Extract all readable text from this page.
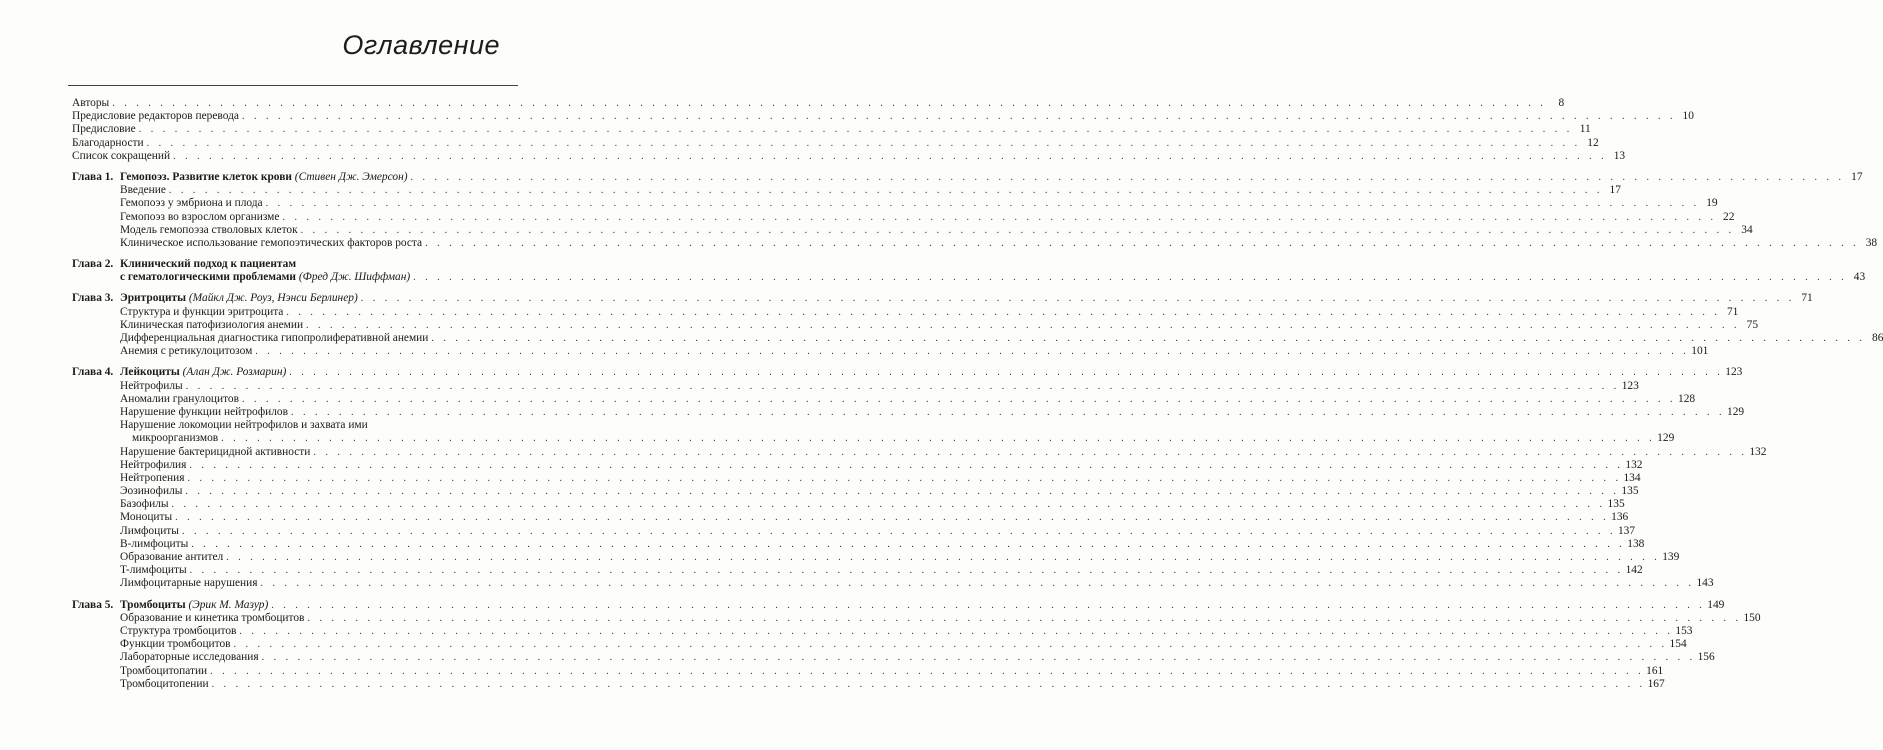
Оглавление
Авторы . . . . . . . . . . . . . . . . . . . . . . . . . . . . . . . . . . . . . . . . . . . . . . . . . . . . . . . . . . . . . . . . . . . . . . . . . . . . . . . . . . . . . . . . . . . . . . . . . . . . . . . . . . . . . . . . . . . . . . . .	8
Предисловие редакторов перевода . . . . . . . . . . . . . . . . . . . . . . . . . . . . . . . . . . . . . . . . . . . . . . . . . . . . . . . . . . . . . . . . . . . . . . . . . . . . . . . . . . . . . . . . . . . . . . . . . . . . . . . . . . . . . . . . . . . . . . . . 10
Предисловие . . . . . . . . . . . . . . . . . . . . . . . . . . . . . . . . . . . . . . . . . . . . . . . . . . . . . . . . . . . . . . . . . . . . . . . . . . . . . . . . . . . . . . . . . . . . . . . . . . . . . . . . . . . . . . . . . . . . . . . . 11
Благодарности . . . . . . . . . . . . . . . . . . . . . . . . . . . . . . . . . . . . . . . . . . . . . . . . . . . . . . . . . . . . . . . . . . . . . . . . . . . . . . . . . . . . . . . . . . . . . . . . . . . . . . . . . . . . . . . . . . . . . . . . 12
Список сокращений . . . . . . . . . . . . . . . . . . . . . . . . . . . . . . . . . . . . . . . . . . . . . . . . . . . . . . . . . . . . . . . . . . . . . . . . . . . . . . . . . . . . . . . . . . . . . . . . . . . . . . . . . . . . . . . . . . . . . . . . 13
Глава 1. Гемопоэз. Развитие клеток крови (Стивен Дж. Эмерсон) . . . . . . . . . . . . . . . . . . . . . . . . . . . . . . . . . . . . . . . . . . . . . . . . . . . . . . . . . . . . . . . . . . . . . . . . . . . . . . . . . . . . . . . . . . . . . . . . . . . . . . . . . . . . . . . . . . . . . . . . 17
Введение . . . . . . . . . . . . . . . . . . . . . . . . . . . . . . . . . . . . . . . . . . . . . . . . . . . . . . . . . . . . . . . . . . . . . . . . . . . . . . . . . . . . . . . . . . . . . . . . . . . . . . . . . . . . . . . . . . . . . . . . 17
Гемопоэз у эмбриона и плода . . . . . . . . . . . . . . . . . . . . . . . . . . . . . . . . . . . . . . . . . . . . . . . . . . . . . . . . . . . . . . . . . . . . . . . . . . . . . . . . . . . . . . . . . . . . . . . . . . . . . . . . . . . . . . . . . . . . . . . . 19
Гемопоэз во взрослом организме . . . . . . . . . . . . . . . . . . . . . . . . . . . . . . . . . . . . . . . . . . . . . . . . . . . . . . . . . . . . . . . . . . . . . . . . . . . . . . . . . . . . . . . . . . . . . . . . . . . . . . . . . . . . . . . . . . . . . . . . 22
Модель гемопоэза стволовых клеток . . . . . . . . . . . . . . . . . . . . . . . . . . . . . . . . . . . . . . . . . . . . . . . . . . . . . . . . . . . . . . . . . . . . . . . . . . . . . . . . . . . . . . . . . . . . . . . . . . . . . . . . . . . . . . . . . . . . . . . . 34
Клиническое использование гемопоэтических факторов роста . . . . . . . . . . . . . . . . . . . . . . . . . . . . . . . . . . . . . . . . . . . . . . . . . . . . . . . . . . . . . . . . . . . . . . . . . . . . . . . . . . . . . . . . . . . . . . . . . . . . . . . . . . . . . . . . . . . . . . . . 38
Глава 2. Клинический подход к пациентам
с гематологическими проблемами (Фред Дж. Шиффман) . . . . . . . . . . . . . . . . . . . . . . . . . . . . . . . . . . . . . . . . . . . . . . . . . . . . . . . . . . . . . . . . . . . . . . . . . . . . . . . . . . . . . . . . . . . . . . . . . . . . . . . . . . . . . . . . . . . . . . . . 43
Глава 3. Эритроциты (Майкл Дж. Роуз, Нэнси Берлинер) . . . . . . . . . . . . . . . . . . . . . . . . . . . . . . . . . . . . . . . . . . . . . . . . . . . . . . . . . . . . . . . . . . . . . . . . . . . . . . . . . . . . . . . . . . . . . . . . . . . . . . . . . . . . . . . . . . . . . . . . 71
Структура и функции эритроцита . . . . . . . . . . . . . . . . . . . . . . . . . . . . . . . . . . . . . . . . . . . . . . . . . . . . . . . . . . . . . . . . . . . . . . . . . . . . . . . . . . . . . . . . . . . . . . . . . . . . . . . . . . . . . . . . . . . . . . . . 71
Клиническая патофизиология анемии . . . . . . . . . . . . . . . . . . . . . . . . . . . . . . . . . . . . . . . . . . . . . . . . . . . . . . . . . . . . . . . . . . . . . . . . . . . . . . . . . . . . . . . . . . . . . . . . . . . . . . . . . . . . . . . . . . . . . . . . 75
Дифференциальная диагностика гипопролиферативной анемии . . . . . . . . . . . . . . . . . . . . . . . . . . . . . . . . . . . . . . . . . . . . . . . . . . . . . . . . . . . . . . . . . . . . . . . . . . . . . . . . . . . . . . . . . . . . . . . . . . . . . . . . . . . . . . . . . . . . . . . . 86
Анемия с ретикулоцитозом . . . . . . . . . . . . . . . . . . . . . . . . . . . . . . . . . . . . . . . . . . . . . . . . . . . . . . . . . . . . . . . . . . . . . . . . . . . . . . . . . . . . . . . . . . . . . . . . . . . . . . . . . . . . . . . . . . . . . . . . 101
Глава 4. Лейкоциты (Алан Дж. Розмарин) . . . . . . . . . . . . . . . . . . . . . . . . . . . . . . . . . . . . . . . . . . . . . . . . . . . . . . . . . . . . . . . . . . . . . . . . . . . . . . . . . . . . . . . . . . . . . . . . . . . . . . . . . . . . . . . . . . . . . . . . 123
Нейтрофилы . . . . . . . . . . . . . . . . . . . . . . . . . . . . . . . . . . . . . . . . . . . . . . . . . . . . . . . . . . . . . . . . . . . . . . . . . . . . . . . . . . . . . . . . . . . . . . . . . . . . . . . . . . . . . . . . . . . . . . . . 123
Аномалии гранулоцитов . . . . . . . . . . . . . . . . . . . . . . . . . . . . . . . . . . . . . . . . . . . . . . . . . . . . . . . . . . . . . . . . . . . . . . . . . . . . . . . . . . . . . . . . . . . . . . . . . . . . . . . . . . . . . . . . . . . . . . . . 128
Нарушение функции нейтрофилов . . . . . . . . . . . . . . . . . . . . . . . . . . . . . . . . . . . . . . . . . . . . . . . . . . . . . . . . . . . . . . . . . . . . . . . . . . . . . . . . . . . . . . . . . . . . . . . . . . . . . . . . . . . . . . . . . . . . . . . . 129
Нарушение локомоции нейтрофилов и захвата ими
микроорганизмов . . . . . . . . . . . . . . . . . . . . . . . . . . . . . . . . . . . . . . . . . . . . . . . . . . . . . . . . . . . . . . . . . . . . . . . . . . . . . . . . . . . . . . . . . . . . . . . . . . . . . . . . . . . . . . . . . . . . . . . . 129
Нарушение бактерицидной активности . . . . . . . . . . . . . . . . . . . . . . . . . . . . . . . . . . . . . . . . . . . . . . . . . . . . . . . . . . . . . . . . . . . . . . . . . . . . . . . . . . . . . . . . . . . . . . . . . . . . . . . . . . . . . . . . . . . . . . . . 132
Нейтрофилия . . . . . . . . . . . . . . . . . . . . . . . . . . . . . . . . . . . . . . . . . . . . . . . . . . . . . . . . . . . . . . . . . . . . . . . . . . . . . . . . . . . . . . . . . . . . . . . . . . . . . . . . . . . . . . . . . . . . . . . . 132
Нейтропения . . . . . . . . . . . . . . . . . . . . . . . . . . . . . . . . . . . . . . . . . . . . . . . . . . . . . . . . . . . . . . . . . . . . . . . . . . . . . . . . . . . . . . . . . . . . . . . . . . . . . . . . . . . . . . . . . . . . . . . . 134
Эозинофилы . . . . . . . . . . . . . . . . . . . . . . . . . . . . . . . . . . . . . . . . . . . . . . . . . . . . . . . . . . . . . . . . . . . . . . . . . . . . . . . . . . . . . . . . . . . . . . . . . . . . . . . . . . . . . . . . . . . . . . . . 135
Базофилы . . . . . . . . . . . . . . . . . . . . . . . . . . . . . . . . . . . . . . . . . . . . . . . . . . . . . . . . . . . . . . . . . . . . . . . . . . . . . . . . . . . . . . . . . . . . . . . . . . . . . . . . . . . . . . . . . . . . . . . . 135
Моноциты . . . . . . . . . . . . . . . . . . . . . . . . . . . . . . . . . . . . . . . . . . . . . . . . . . . . . . . . . . . . . . . . . . . . . . . . . . . . . . . . . . . . . . . . . . . . . . . . . . . . . . . . . . . . . . . . . . . . . . . . 136
Лимфоциты . . . . . . . . . . . . . . . . . . . . . . . . . . . . . . . . . . . . . . . . . . . . . . . . . . . . . . . . . . . . . . . . . . . . . . . . . . . . . . . . . . . . . . . . . . . . . . . . . . . . . . . . . . . . . . . . . . . . . . . . 137
B-лимфоциты . . . . . . . . . . . . . . . . . . . . . . . . . . . . . . . . . . . . . . . . . . . . . . . . . . . . . . . . . . . . . . . . . . . . . . . . . . . . . . . . . . . . . . . . . . . . . . . . . . . . . . . . . . . . . . . . . . . . . . . . 138
Образование антител . . . . . . . . . . . . . . . . . . . . . . . . . . . . . . . . . . . . . . . . . . . . . . . . . . . . . . . . . . . . . . . . . . . . . . . . . . . . . . . . . . . . . . . . . . . . . . . . . . . . . . . . . . . . . . . . . . . . . . . . 139
T-лимфоциты . . . . . . . . . . . . . . . . . . . . . . . . . . . . . . . . . . . . . . . . . . . . . . . . . . . . . . . . . . . . . . . . . . . . . . . . . . . . . . . . . . . . . . . . . . . . . . . . . . . . . . . . . . . . . . . . . . . . . . . . 142
Лимфоцитарные нарушения . . . . . . . . . . . . . . . . . . . . . . . . . . . . . . . . . . . . . . . . . . . . . . . . . . . . . . . . . . . . . . . . . . . . . . . . . . . . . . . . . . . . . . . . . . . . . . . . . . . . . . . . . . . . . . . . . . . . . . . . 143
Глава 5. Тромбоциты (Эрик М. Мазур) . . . . . . . . . . . . . . . . . . . . . . . . . . . . . . . . . . . . . . . . . . . . . . . . . . . . . . . . . . . . . . . . . . . . . . . . . . . . . . . . . . . . . . . . . . . . . . . . . . . . . . . . . . . . . . . . . . . . . . . . 149
Образование и кинетика тромбоцитов . . . . . . . . . . . . . . . . . . . . . . . . . . . . . . . . . . . . . . . . . . . . . . . . . . . . . . . . . . . . . . . . . . . . . . . . . . . . . . . . . . . . . . . . . . . . . . . . . . . . . . . . . . . . . . . . . . . . . . . . 150
Структура тромбоцитов . . . . . . . . . . . . . . . . . . . . . . . . . . . . . . . . . . . . . . . . . . . . . . . . . . . . . . . . . . . . . . . . . . . . . . . . . . . . . . . . . . . . . . . . . . . . . . . . . . . . . . . . . . . . . . . . . . . . . . . . 153
Функции тромбоцитов . . . . . . . . . . . . . . . . . . . . . . . . . . . . . . . . . . . . . . . . . . . . . . . . . . . . . . . . . . . . . . . . . . . . . . . . . . . . . . . . . . . . . . . . . . . . . . . . . . . . . . . . . . . . . . . . . . . . . . . . 154
Лабораторные исследования . . . . . . . . . . . . . . . . . . . . . . . . . . . . . . . . . . . . . . . . . . . . . . . . . . . . . . . . . . . . . . . . . . . . . . . . . . . . . . . . . . . . . . . . . . . . . . . . . . . . . . . . . . . . . . . . . . . . . . . . 156
Тромбоцитопатии . . . . . . . . . . . . . . . . . . . . . . . . . . . . . . . . . . . . . . . . . . . . . . . . . . . . . . . . . . . . . . . . . . . . . . . . . . . . . . . . . . . . . . . . . . . . . . . . . . . . . . . . . . . . . . . . . . . . . . . . 161
Тромбоцитопении . . . . . . . . . . . . . . . . . . . . . . . . . . . . . . . . . . . . . . . . . . . . . . . . . . . . . . . . . . . . . . . . . . . . . . . . . . . . . . . . . . . . . . . . . . . . . . . . . . . . . . . . . . . . . . . . . . . . . . . . 167
